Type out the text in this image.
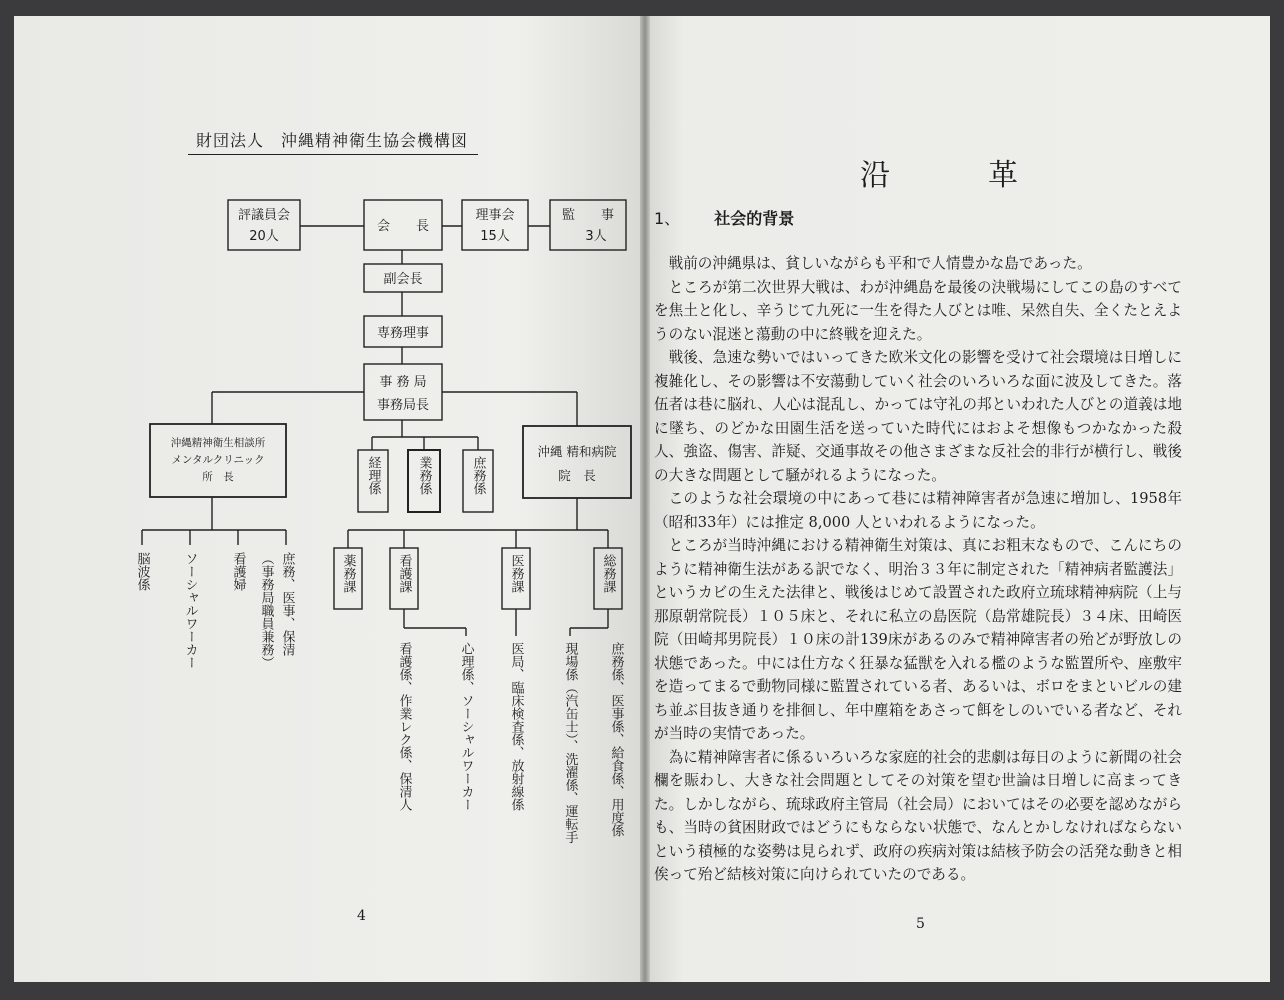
財団法人　沖縄精神衛生協会機構図
評議員会
20人
会　　長
理事会
15人
監　　事
3人
副会長
専務理事
事 務 局
事務局長
沖縄精神衛生相談所
メンタルクリニック
所　長
沖縄 精和病院
院　長
経理係	業務係	庶務係
薬務課	看護課	医務課	総務課
脳波係	ソーシャルワーカー	看護婦	庶務、医事、保清
（事務局職員兼務）
看護係、作業レク係、保清人	心理係、ソーシャルワーカー	医局、臨床検査係、放射線係	現場係（汽缶士）、洗濯係、運転手 庶務係、医事係、給食係、用度係
4
沿　革
1、 社会的背景

戦前の沖縄県は、貧しいながらも平和で人情豊かな島であった。

ところが第二次世界大戦は、わが沖縄島を最後の決戦場にしてこの島のすべてを焦土と化し、辛うじて九死に一生を得た人びとは唯、呆然自失、全くたとえようのない混迷と蕩動の中に終戦を迎えた。

戦後、急速な勢いではいってきた欧米文化の影響を受けて社会環境は日増しに複雑化し、その影響は不安蕩動していく社会のいろいろな面に波及してきた。落伍者は巷に脳れ、人心は混乱し、かっては守礼の邦といわれた人びとの道義は地に墜ち、のどかな田園生活を送っていた時代にはおよそ想像もつかなかった殺人、強盗、傷害、詐疑、交通事故その他さまざまな反社会的非行が横行し、戦後の大きな問題として騒がれるようになった。

このような社会環境の中にあって巷には精神障害者が急速に増加し、1958年（昭和33年）には推定 8,000 人といわれるようになった。

ところが当時沖縄における精神衛生対策は、真にお粗末なもので、こんにちのように精神衛生法がある訳でなく、明治３３年に制定された「精神病者監護法」というカビの生えた法律と、戦後はじめて設置された政府立琉球精神病院（上与那原朝常院長）１０５床と、それに私立の島医院（島常雄院長）３４床、田崎医院（田崎邦男院長）１０床の計139床があるのみで精神障害者の殆どが野放しの状態であった。中には仕方なく狂暴な猛獣を入れる檻のような監置所や、座敷牢を造ってまるで動物同様に監置されている者、あるいは、ボロをまといビルの建ち並ぶ目抜き通りを排徊し、年中塵箱をあさって餌をしのいでいる者など、それが当時の実情であった。

為に精神障害者に係るいろいろな家庭的社会的悲劇は毎日のように新聞の社会欄を賑わし、大きな社会問題としてその対策を望む世論は日増しに高まってきた。しかしながら、琉球政府主管局（社会局）においてはその必要を認めながらも、当時の貧困財政ではどうにもならない状態で、なんとかしなければならないという積極的な姿勢は見られず、政府の疾病対策は結核予防会の活発な動きと相俟って殆ど結核対策に向けられていたのである。

5
